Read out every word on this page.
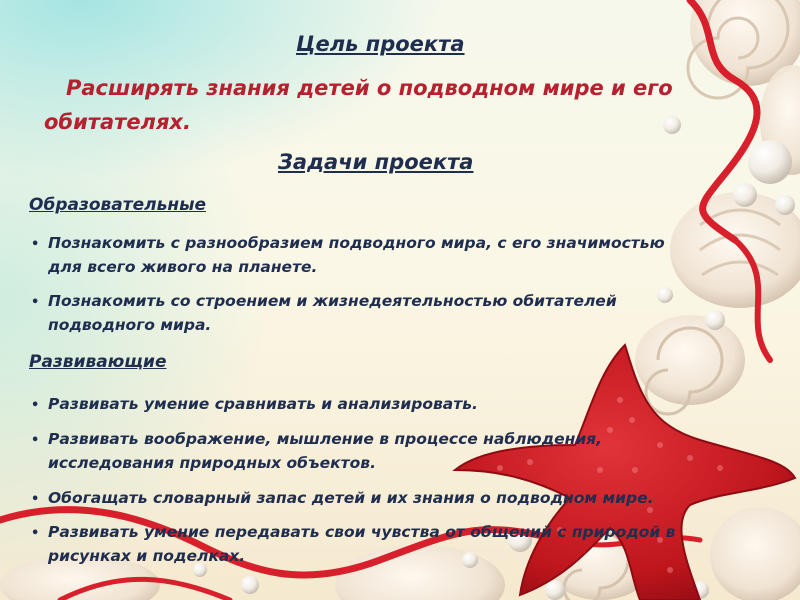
Цель проекта

Расширять знания детей о подводном мире и его

обитателях.

Задачи проекта

Образовательные

• Познакомить с разнообразием подводного мира, с его значимостью

для всего живого на планете.

• Познакомить со строением и жизнедеятельностью обитателей

подводного мира.

Развивающие

• Развивать умение сравнивать и анализировать.

• Развивать воображение, мышление в процессе наблюдения,

исследования природных объектов.

• Обогащать словарный запас детей и их знания о подводном мире.

• Развивать умение передавать свои чувства от общений с природой в

рисунках и поделках.
